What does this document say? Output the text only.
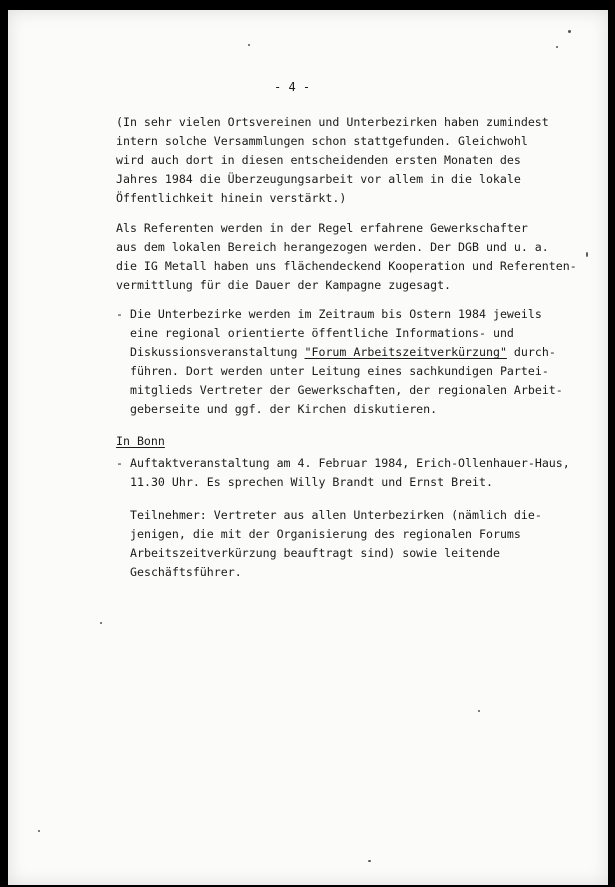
- 4 -

(In sehr vielen Ortsvereinen und Unterbezirken haben zumindest

intern solche Versammlungen schon stattgefunden. Gleichwohl

wird auch dort in diesen entscheidenden ersten Monaten des

Jahres 1984 die Überzeugungsarbeit vor allem in die lokale

Öffentlichkeit hinein verstärkt.)

Als Referenten werden in der Regel erfahrene Gewerkschafter

aus dem lokalen Bereich herangezogen werden. Der DGB und u. a.

die IG Metall haben uns flächendeckend Kooperation und Referenten-

vermittlung für die Dauer der Kampagne zugesagt.

-

Die Unterbezirke werden im Zeitraum bis Ostern 1984 jeweils

eine regional orientierte öffentliche Informations- und

Diskussionsveranstaltung "Forum Arbeitszeitverkürzung" durch-

führen. Dort werden unter Leitung eines sachkundigen Partei-

mitglieds Vertreter der Gewerkschaften, der regionalen Arbeit-

geberseite und ggf. der Kirchen diskutieren.

In Bonn
-

Auftaktveranstaltung am 4. Februar 1984, Erich-Ollenhauer-Haus,

11.30 Uhr. Es sprechen Willy Brandt und Ernst Breit.

Teilnehmer: Vertreter aus allen Unterbezirken (nämlich die-

jenigen, die mit der Organisierung des regionalen Forums

Arbeitszeitverkürzung beauftragt sind) sowie leitende

Geschäftsführer.
